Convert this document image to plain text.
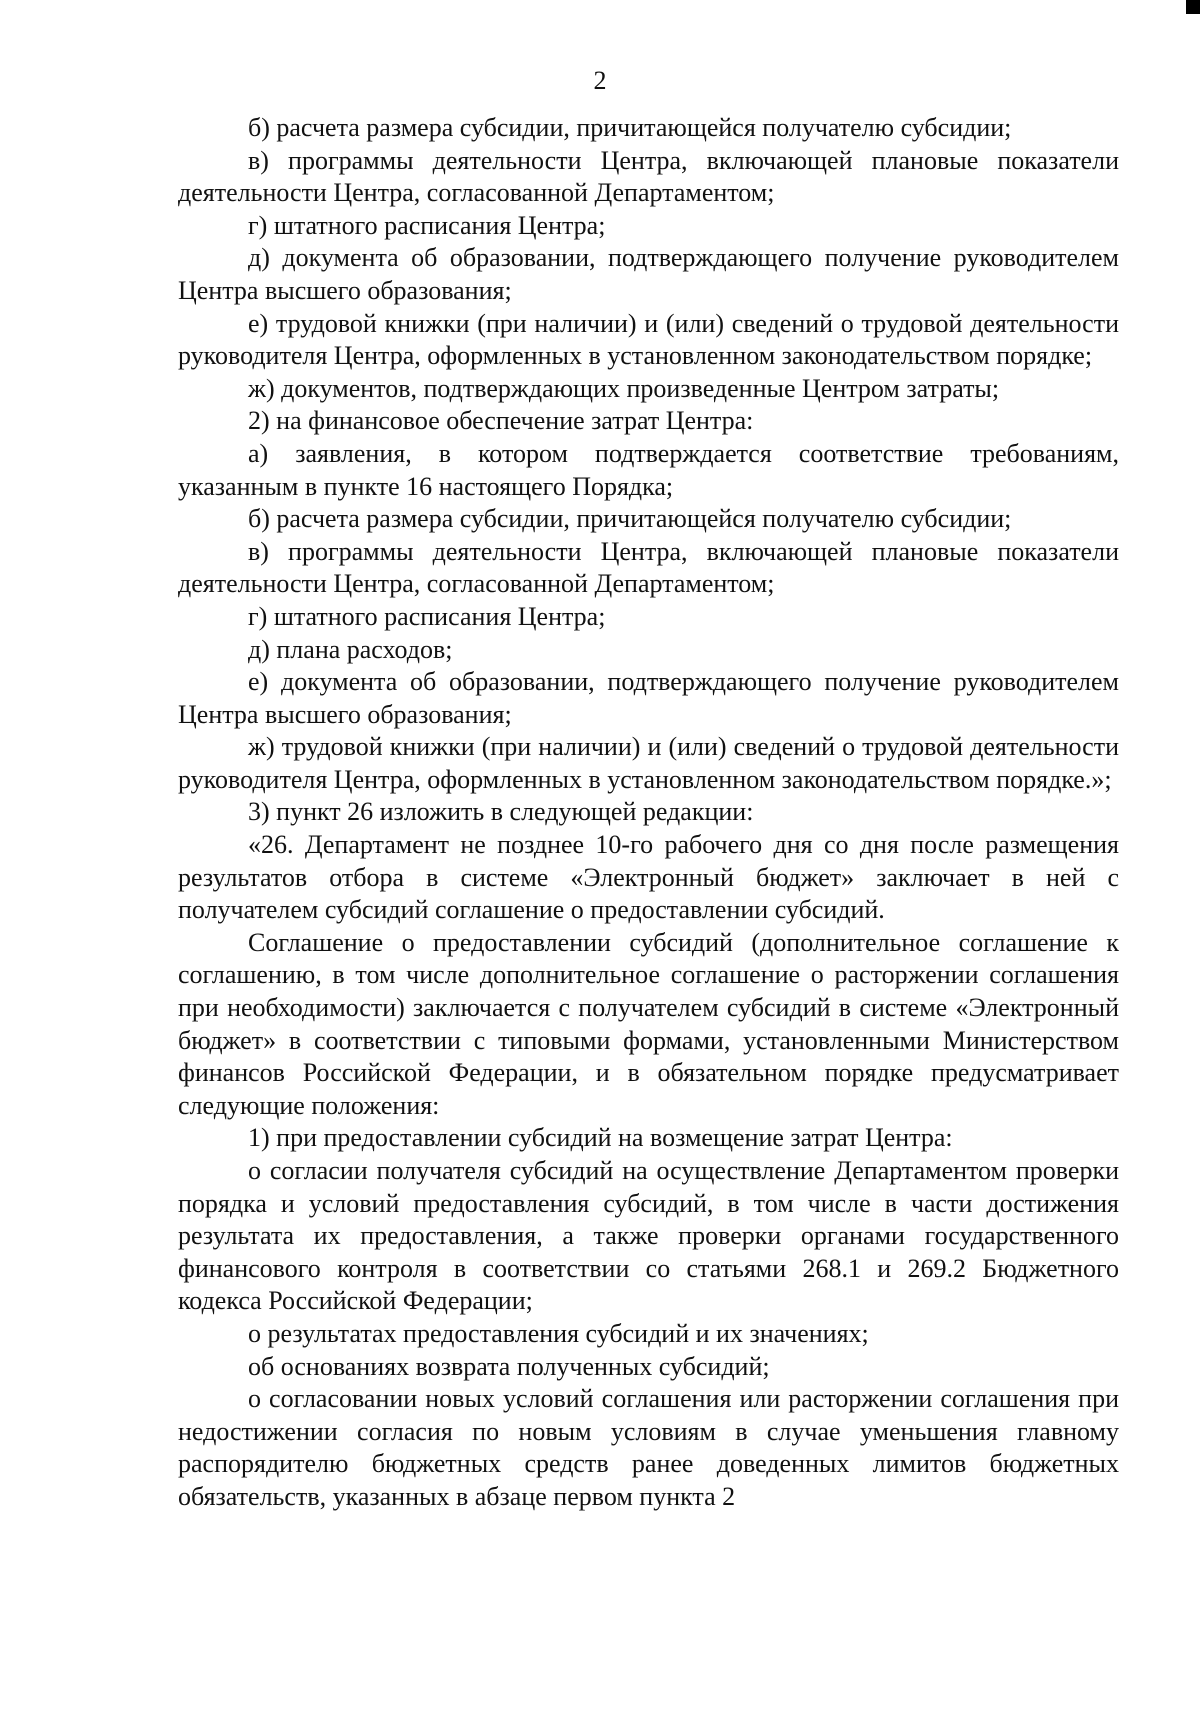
2

б) расчета размера субсидии, причитающейся получателю субсидии;

в) программы деятельности Центра, включающей плановые показатели деятельности Центра, согласованной Департаментом;

г) штатного расписания Центра;

д) документа об образовании, подтверждающего получение руководителем Центра высшего образования;

е) трудовой книжки (при наличии) и (или) сведений о трудовой деятельности руководителя Центра, оформленных в установленном законодательством порядке;

ж) документов, подтверждающих произведенные Центром затраты;

2) на финансовое обеспечение затрат Центра:

а) заявления, в котором подтверждается соответствие требованиям, указанным в пункте 16 настоящего Порядка;

б) расчета размера субсидии, причитающейся получателю субсидии;

в) программы деятельности Центра, включающей плановые показатели деятельности Центра, согласованной Департаментом;

г) штатного расписания Центра;

д) плана расходов;

е) документа об образовании, подтверждающего получение руководителем Центра высшего образования;

ж) трудовой книжки (при наличии) и (или) сведений о трудовой деятельности руководителя Центра, оформленных в установленном законодательством порядке.»;

3) пункт 26 изложить в следующей редакции:

«26. Департамент не позднее 10-го рабочего дня со дня после размещения результатов отбора в системе «Электронный бюджет» заключает в ней с получателем субсидий соглашение о предоставлении субсидий.

Соглашение о предоставлении субсидий (дополнительное соглашение к соглашению, в том числе дополнительное соглашение о расторжении соглашения при необходимости) заключается с получателем субсидий в системе «Электронный бюджет» в соответствии с типовыми формами, установленными Министерством финансов Российской Федерации, и в обязательном порядке предусматривает следующие положения:

1) при предоставлении субсидий на возмещение затрат Центра:

о согласии получателя субсидий на осуществление Департаментом проверки порядка и условий предоставления субсидий, в том числе в части достижения результата их предоставления, а также проверки органами государственного финансового контроля в соответствии со статьями 268.1 и 269.2 Бюджетного кодекса Российской Федерации;

о результатах предоставления субсидий и их значениях;

об основаниях возврата полученных субсидий;

о согласовании новых условий соглашения или расторжении соглашения при недостижении согласия по новым условиям в случае уменьшения главному распорядителю бюджетных средств ранее доведенных лимитов бюджетных обязательств, указанных в абзаце первом пункта 2
